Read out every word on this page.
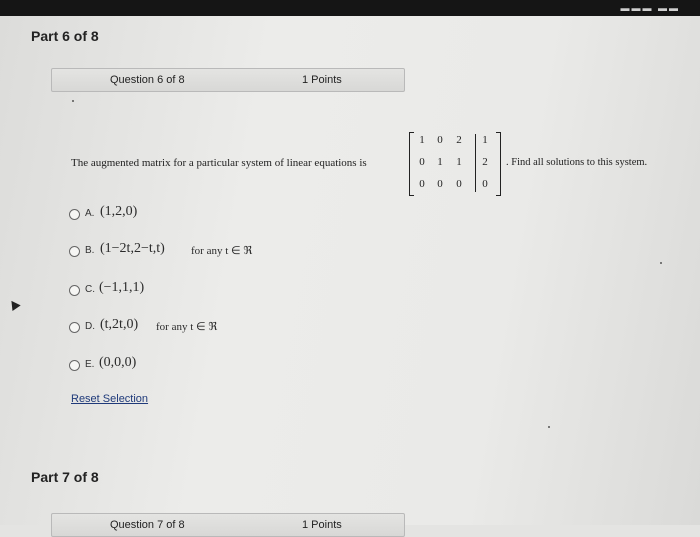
▬▬▬ ▬▬
Part 6 of 8
Question 6 of 8	1 Points
The augmented matrix for a particular system of linear equations is
1	0	2	1
0	1	1	2
0	0	0	0
. Find all solutions to this system.
A. (1,2,0)
B. (1−2t,2−t,t) for any t ∈ ℜ
C. (−1,1,1)
D. (t,2t,0) for any t ∈ ℜ
E. (0,0,0)
Reset Selection
Part 7 of 8
Question 7 of 8	1 Points
